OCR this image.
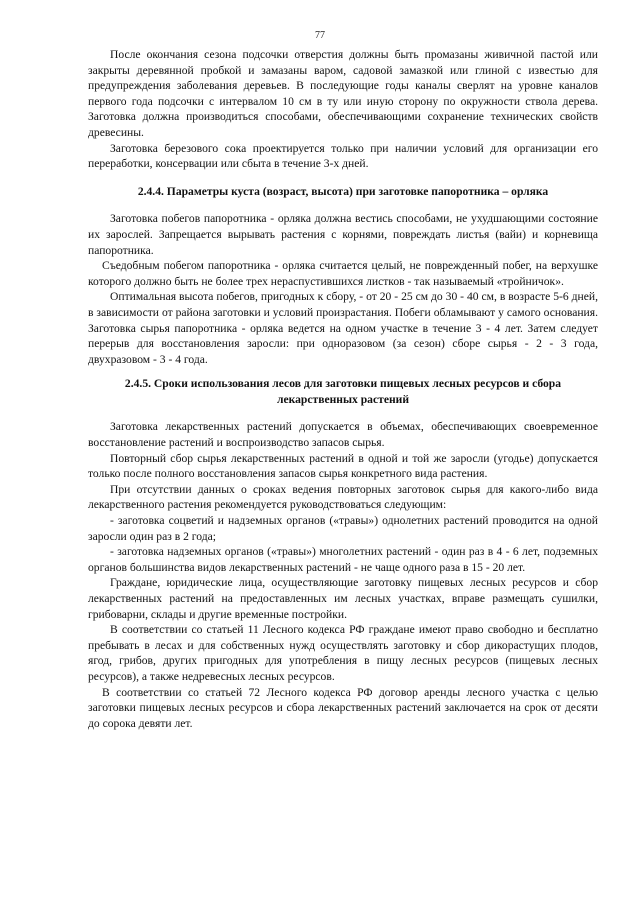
77

После окончания сезона подсочки отверстия должны быть промазаны живичной пастой или закрыты деревянной пробкой и замазаны варом, садовой замазкой или глиной с известью для предупреждения заболевания деревьев. В последующие годы каналы сверлят на уровне каналов первого года подсочки с интервалом 10 см в ту или иную сторону по окружности ствола дерева. Заготовка должна производиться способами, обеспечивающими сохранение технических свойств древесины.

Заготовка березового сока проектируется только при наличии условий для организации его переработки, консервации или сбыта в течение 3-х дней.

2.4.4. Параметры куста (возраст, высота) при заготовке папоротника – орляка

Заготовка побегов папоротника - орляка должна вестись способами, не ухудшающими состояние их зарослей. Запрещается вырывать растения с корнями, повреждать листья (вайи) и корневища папоротника.

Съедобным побегом папоротника - орляка считается целый, не поврежденный побег, на верхушке которого должно быть не более трех нераспустившихся листков - так называемый «тройничок».

Оптимальная высота побегов, пригодных к сбору, - от 20 - 25 см до 30 - 40 см, в возрасте 5-6 дней, в зависимости от района заготовки и условий произрастания. Побеги обламывают у самого основания. Заготовка сырья папоротника - орляка ведется на одном участке в течение 3 - 4 лет. Затем следует перерыв для восстановления заросли: при одноразовом (за сезон) сборе сырья - 2 - 3 года, двухразовом - 3 - 4 года.

2.4.5. Сроки использования лесов для заготовки пищевых лесных ресурсов и сбора лекарственных растений

Заготовка лекарственных растений допускается в объемах, обеспечивающих своевременное восстановление растений и воспроизводство запасов сырья.

Повторный сбор сырья лекарственных растений в одной и той же заросли (угодье) допускается только после полного восстановления запасов сырья конкретного вида растения.

При отсутствии данных о сроках ведения повторных заготовок сырья для какого-либо вида лекарственного растения рекомендуется руководствоваться следующим:

- заготовка соцветий и надземных органов («травы») однолетних растений проводится на одной заросли один раз в 2 года;

- заготовка надземных органов («травы») многолетних растений - один раз в 4 - 6 лет, подземных органов большинства видов лекарственных растений - не чаще одного раза в 15 - 20 лет.

Граждане, юридические лица, осуществляющие заготовку пищевых лесных ресурсов и сбор лекарственных растений на предоставленных им лесных участках, вправе размещать сушилки, грибоварни, склады и другие временные постройки.

В соответствии со статьей 11 Лесного кодекса РФ граждане имеют право свободно и бесплатно пребывать в лесах и для собственных нужд осуществлять заготовку и сбор дикорастущих плодов, ягод, грибов, других пригодных для употребления в пищу лесных ресурсов (пищевых лесных ресурсов), а также недревесных лесных ресурсов.

В соответствии со статьей 72 Лесного кодекса РФ договор аренды лесного участка с целью заготовки пищевых лесных ресурсов и сбора лекарственных растений заключается на срок от десяти до сорока девяти лет.
